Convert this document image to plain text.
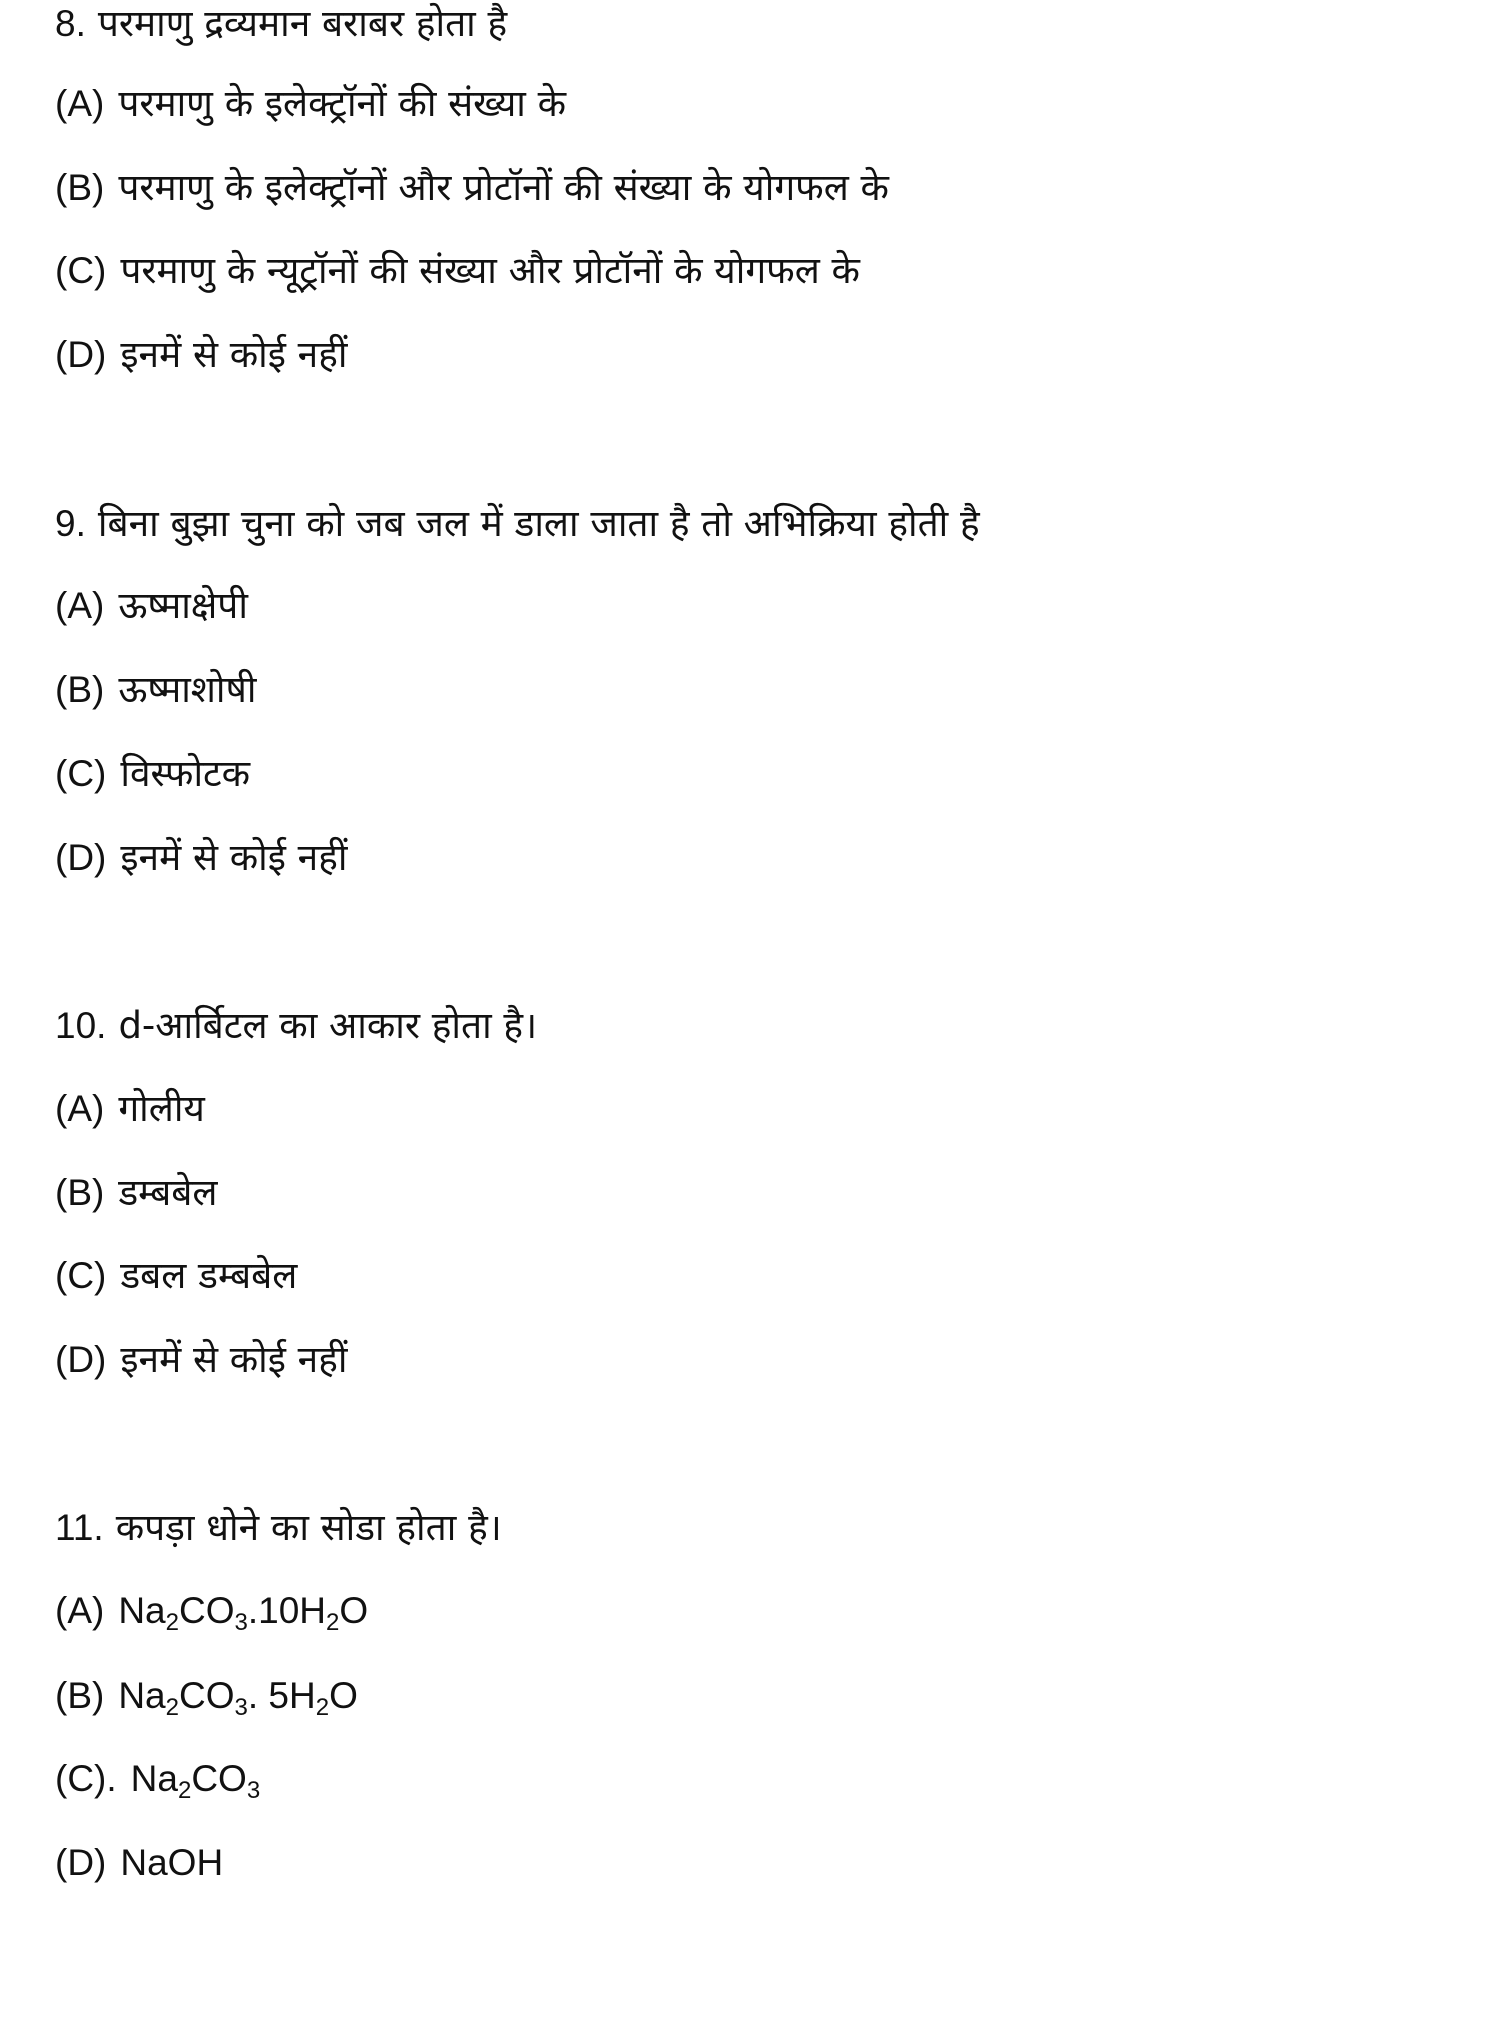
8. परमाणु द्रव्यमान बराबर होता है
(A) परमाणु के इलेक्ट्रॉनों की संख्या के
(B) परमाणु के इलेक्ट्रॉनों और प्रोटॉनों की संख्या के योगफल के
(C) परमाणु के न्यूट्रॉनों की संख्या और प्रोटॉनों के योगफल के
(D) इनमें से कोई नहीं
9. बिना बुझा चुना को जब जल में डाला जाता है तो अभिक्रिया होती है
(A) ऊष्माक्षेपी
(B) ऊष्माशोषी
(C) विस्फोटक
(D) इनमें से कोई नहीं
10. d-आर्बिटल का आकार होता है।
(A) गोलीय
(B) डम्बबेल
(C) डबल डम्बबेल
(D) इनमें से कोई नहीं
11. कपड़ा धोने का सोडा होता है।
(A) $Na_2CO_3.10H_2O$
(B) $Na_2CO_3$. $5H_2O$
(C). $Na_2CO_3$
(D) NaOH
